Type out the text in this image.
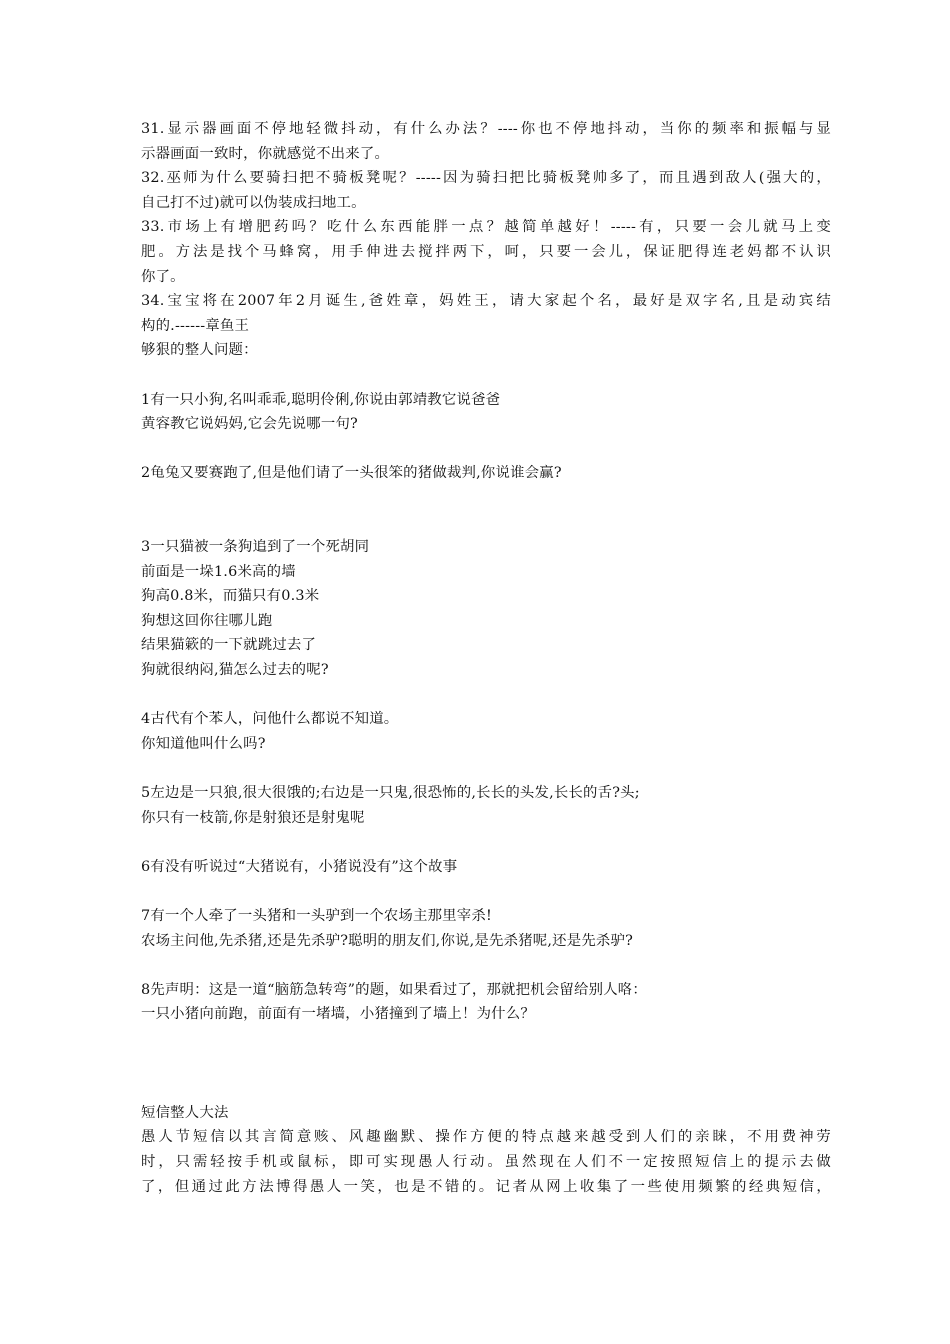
31.显示器画面不停地轻微抖动，有什么办法？----你也不停地抖动，当你的频率和振幅与显
示器画面一致时，你就感觉不出来了。
32.巫师为什么要骑扫把不骑板凳呢？-----因为骑扫把比骑板凳帅多了，而且遇到敌人(强大的，
自己打不过)就可以伪装成扫地工。
33.市场上有增肥药吗？吃什么东西能胖一点？越简单越好！-----有，只要一会儿就马上变
肥。方法是找个马蜂窝，用手伸进去搅拌两下，呵，只要一会儿，保证肥得连老妈都不认识
你了。
34.宝宝将在2007年2月诞生,爸姓章，妈姓王，请大家起个名，最好是双字名,且是动宾结
构的.------章鱼王
够狠的整人问题：
1有一只小狗,名叫乖乖,聪明伶俐,你说由郭靖教它说爸爸
黄容教它说妈妈,它会先说哪一句?
2龟兔又要赛跑了,但是他们请了一头很笨的猪做裁判,你说谁会赢?
3一只猫被一条狗追到了一个死胡同
前面是一垛1.6米高的墙
狗高0.8米，而猫只有0.3米
狗想这回你往哪儿跑
结果猫簌的一下就跳过去了
狗就很纳闷,猫怎么过去的呢?
4古代有个苯人，问他什么都说不知道。
你知道他叫什么吗?
5左边是一只狼,很大很饿的;右边是一只鬼,很恐怖的,长长的头发,长长的舌?头;
你只有一枝箭,你是射狼还是射鬼呢
6有没有听说过“大猪说有，小猪说没有”这个故事
7有一个人牵了一头猪和一头驴到一个农场主那里宰杀!
农场主问他,先杀猪,还是先杀驴?聪明的朋友们,你说,是先杀猪呢,还是先杀驴?
8先声明：这是一道“脑筋急转弯”的题，如果看过了，那就把机会留给别人咯：
一只小猪向前跑，前面有一堵墙，小猪撞到了墙上！为什么？
短信整人大法
愚人节短信以其言简意赅、风趣幽默、操作方便的特点越来越受到人们的亲睐，不用费神劳
时，只需轻按手机或鼠标，即可实现愚人行动。虽然现在人们不一定按照短信上的提示去做
了，但通过此方法博得愚人一笑，也是不错的。记者从网上收集了一些使用频繁的经典短信，
